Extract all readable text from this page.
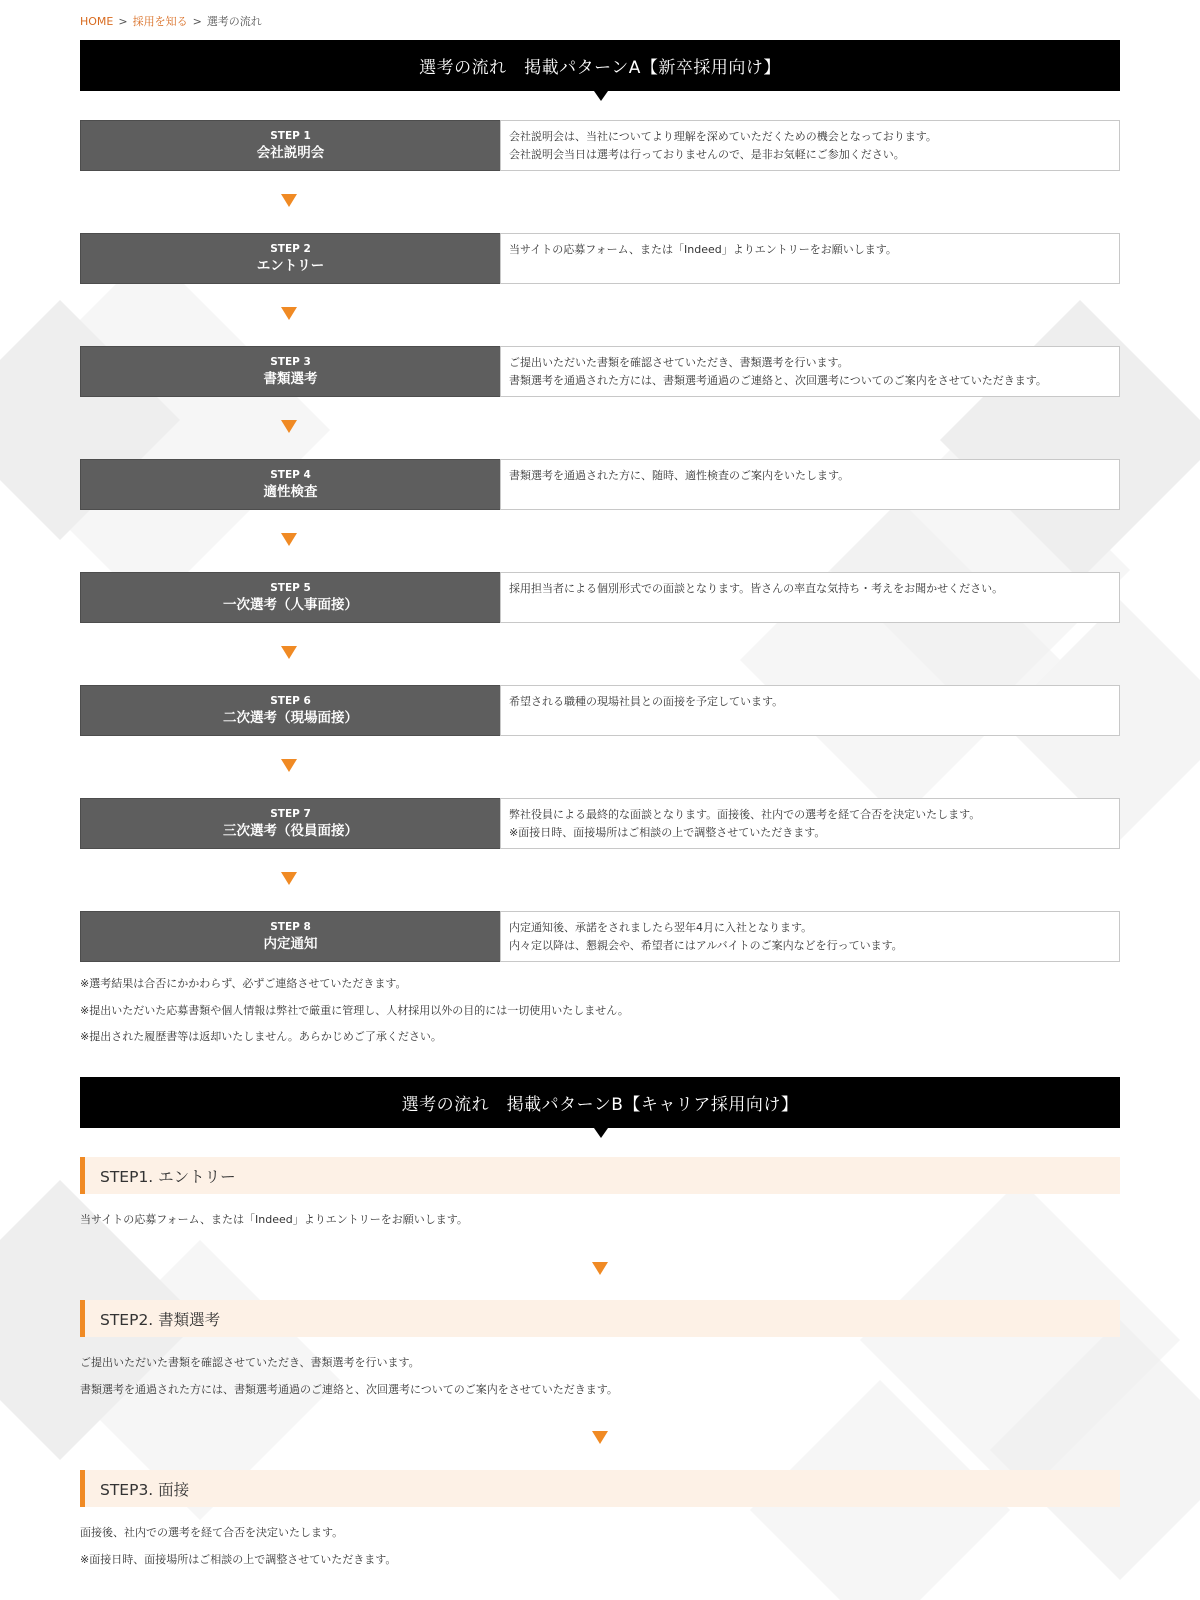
HOME > 採用を知る > 選考の流れ
選考の流れ　掲載パターンA【新卒採用向け】
STEP 1
会社説明会

会社説明会は、当社についてより理解を深めていただくための機会となっております。

会社説明会当日は選考は行っておりませんので、是非お気軽にご参加ください。

STEP 2
エントリー

当サイトの応募フォーム、または「Indeed」よりエントリーをお願いします。

STEP 3
書類選考

ご提出いただいた書類を確認させていただき、書類選考を行います。

書類選考を通過された方には、書類選考通過のご連絡と、次回選考についてのご案内をさせていただきます。

STEP 4
適性検査

書類選考を通過された方に、随時、適性検査のご案内をいたします。

STEP 5
一次選考（人事面接）

採用担当者による個別形式での面談となります。皆さんの率直な気持ち・考えをお聞かせください。

STEP 6
二次選考（現場面接）

希望される職種の現場社員との面接を予定しています。

STEP 7
三次選考（役員面接）

弊社役員による最終的な面談となります。面接後、社内での選考を経て合否を決定いたします。

※面接日時、面接場所はご相談の上で調整させていただきます。

STEP 8
内定通知

内定通知後、承諾をされましたら翌年4月に入社となります。

内々定以降は、懇親会や、希望者にはアルバイトのご案内などを行っています。

※選考結果は合否にかかわらず、必ずご連絡させていただきます。

※提出いただいた応募書類や個人情報は弊社で厳重に管理し、人材採用以外の目的には一切使用いたしません。

※提出された履歴書等は返却いたしません。あらかじめご了承ください。

選考の流れ　掲載パターンB【キャリア採用向け】
STEP1. エントリー

当サイトの応募フォーム、または「Indeed」よりエントリーをお願いします。

STEP2. 書類選考

ご提出いただいた書類を確認させていただき、書類選考を行います。

書類選考を通過された方には、書類選考通過のご連絡と、次回選考についてのご案内をさせていただきます。

STEP3. 面接

面接後、社内での選考を経て合否を決定いたします。

※面接日時、面接場所はご相談の上で調整させていただきます。
